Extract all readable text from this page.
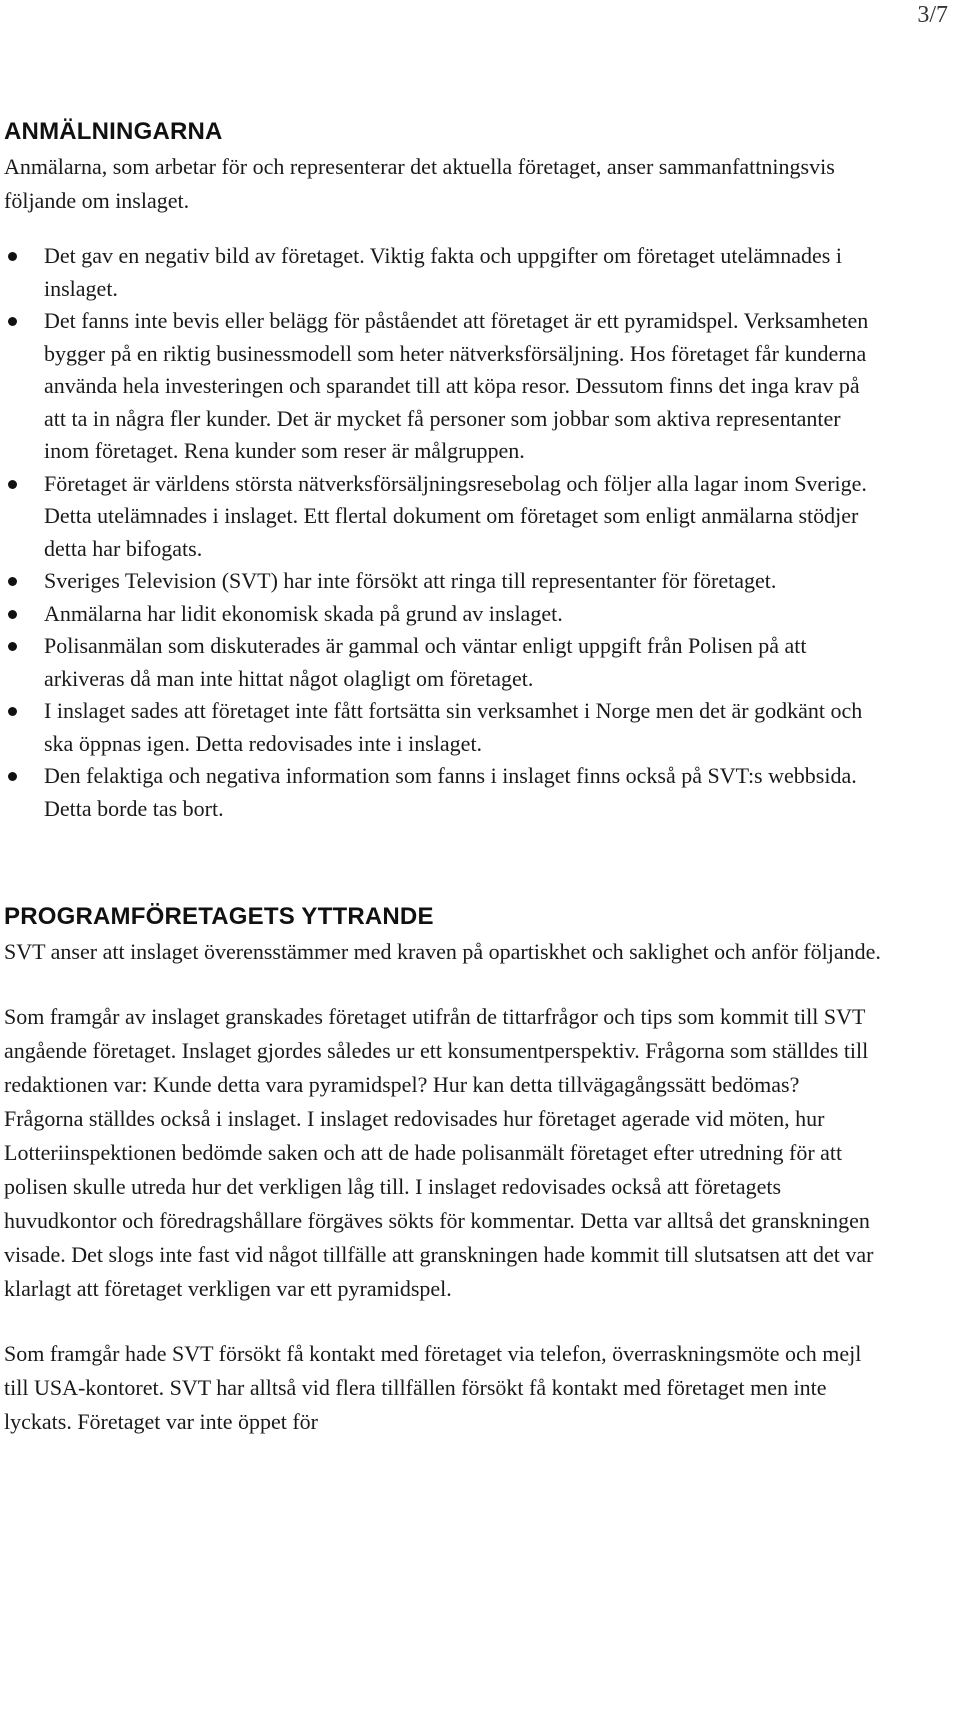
3/7
ANMÄLNINGARNA

Anmälarna, som arbetar för och representerar det aktuella företaget, anser sammanfattningsvis följande om inslaget.

Det gav en negativ bild av företaget. Viktig fakta och uppgifter om företaget utelämnades i inslaget.
Det fanns inte bevis eller belägg för påståendet att företaget är ett pyramidspel. Verksamheten bygger på en riktig businessmodell som heter nätverksförsäljning. Hos företaget får kunderna använda hela investeringen och sparandet till att köpa resor. Dessutom finns det inga krav på att ta in några fler kunder. Det är mycket få personer som jobbar som aktiva representanter inom företaget. Rena kunder som reser är målgruppen.
Företaget är världens största nätverksförsäljningsresebolag och följer alla lagar inom Sverige. Detta utelämnades i inslaget. Ett flertal dokument om företaget som enligt anmälarna stödjer detta har bifogats.
Sveriges Television (SVT) har inte försökt att ringa till representanter för företaget.
Anmälarna har lidit ekonomisk skada på grund av inslaget.
Polisanmälan som diskuterades är gammal och väntar enligt uppgift från Polisen på att arkiveras då man inte hittat något olagligt om företaget.
I inslaget sades att företaget inte fått fortsätta sin verksamhet i Norge men det är godkänt och ska öppnas igen. Detta redovisades inte i inslaget.
Den felaktiga och negativa information som fanns i inslaget finns också på SVT:s webbsida. Detta borde tas bort.
PROGRAMFÖRETAGETS YTTRANDE

SVT anser att inslaget överensstämmer med kraven på opartiskhet och saklighet och anför följande.

Som framgår av inslaget granskades företaget utifrån de tittarfrågor och tips som kommit till SVT angående företaget. Inslaget gjordes således ur ett konsumentperspektiv. Frågorna som ställdes till redaktionen var: Kunde detta vara pyramidspel? Hur kan detta tillvägagångssätt bedömas? Frågorna ställdes också i inslaget. I inslaget redovisades hur företaget agerade vid möten, hur Lotteriinspektionen bedömde saken och att de hade polisanmält företaget efter utredning för att polisen skulle utreda hur det verkligen låg till. I inslaget redovisades också att företagets huvudkontor och föredragshållare förgäves sökts för kommentar. Detta var alltså det granskningen visade. Det slogs inte fast vid något tillfälle att granskningen hade kommit till slutsatsen att det var klarlagt att företaget verkligen var ett pyramidspel.

Som framgår hade SVT försökt få kontakt med företaget via telefon, överraskningsmöte och mejl till USA-kontoret. SVT har alltså vid flera tillfällen försökt få kontakt med företaget men inte lyckats. Företaget var inte öppet för
